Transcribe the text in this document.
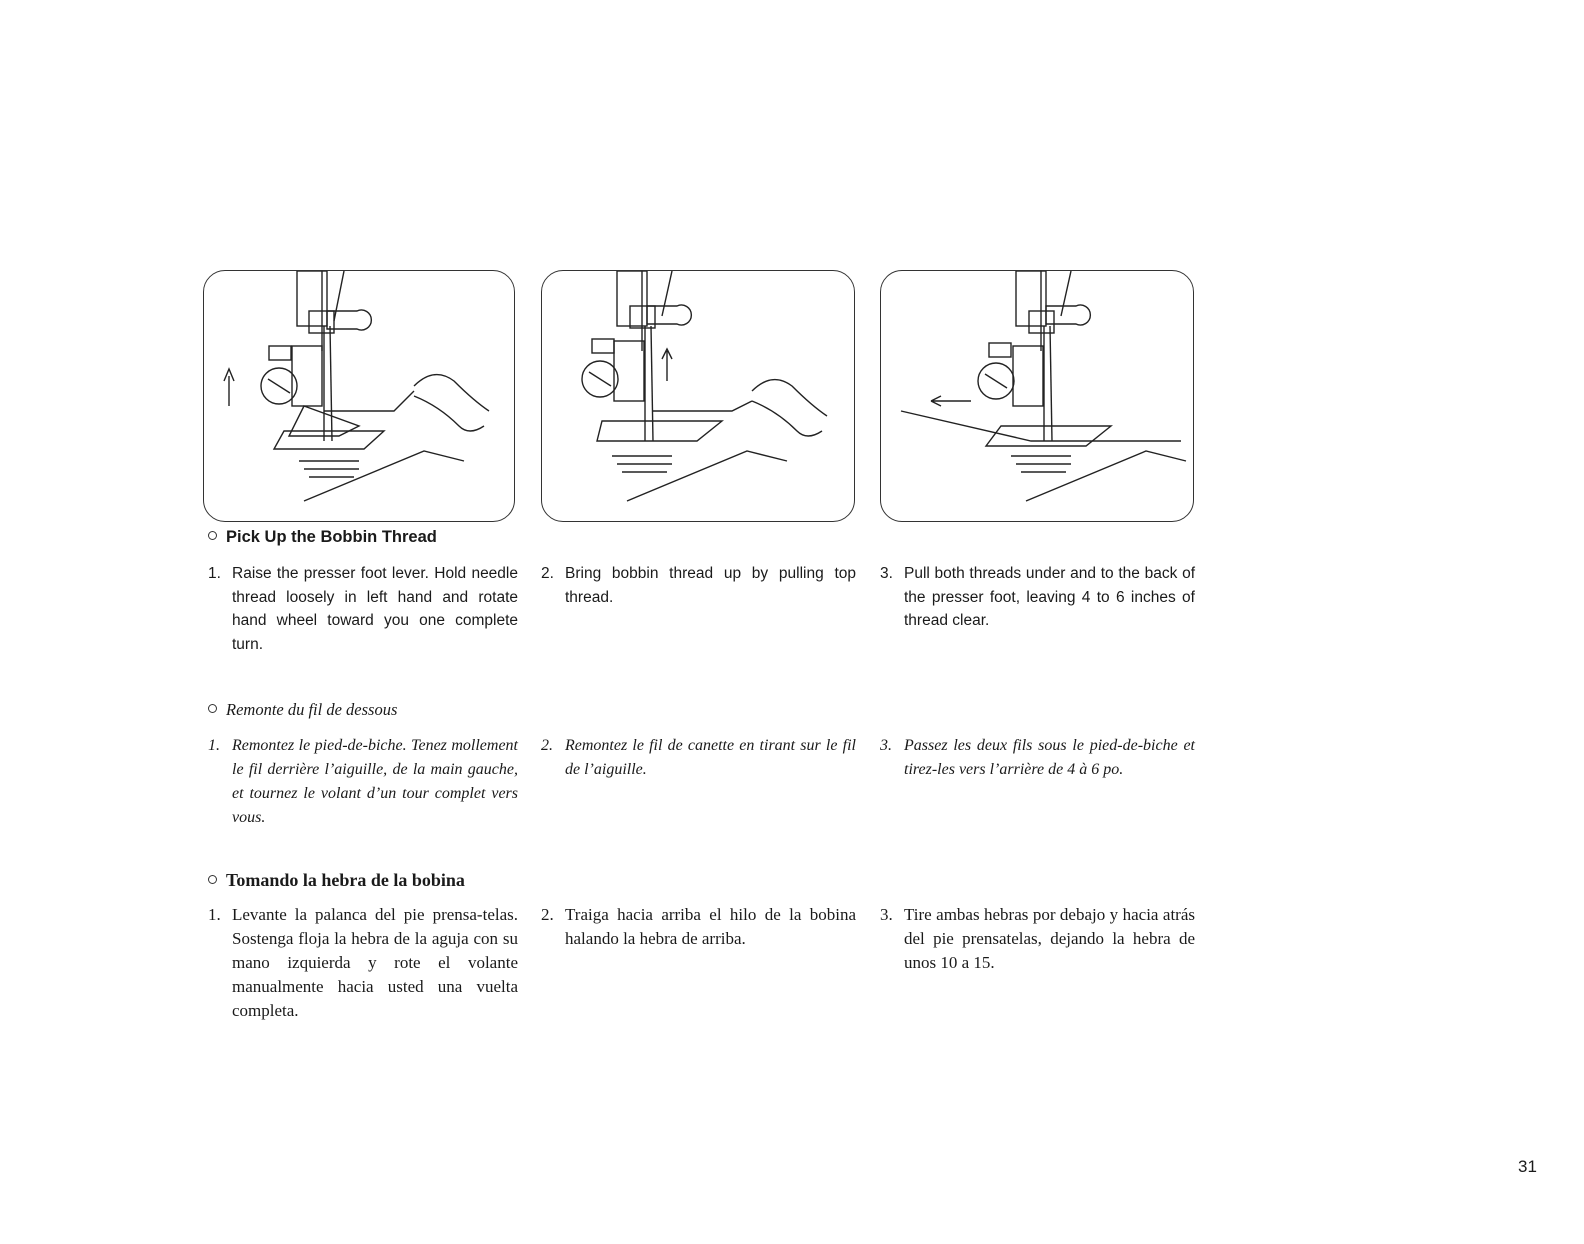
Pick Up the Bobbin Thread
1. Raise the presser foot lever. Hold needle thread loosely in left hand and rotate hand wheel toward you one complete turn.
2. Bring bobbin thread up by pulling top thread.
3. Pull both threads under and to the back of the presser foot, leaving 4 to 6 inches of thread clear.
Remonte du fil de dessous
1. Remontez le pied-de-biche. Tenez mollement le fil derrière l’aiguille, de la main gauche, et tournez le volant d’un tour complet vers vous.
2. Remontez le fil de canette en tirant sur le fil de l’aiguille.
3. Passez les deux fils sous le pied-de-biche et tirez-les vers l’arrière de 4 à 6 po.
Tomando la hebra de la bobina
1. Levante la palanca del pie prensa-telas. Sostenga floja la hebra de la aguja con su mano izquierda y rote el volante manualmente hacia usted una vuelta completa.
2. Traiga hacia arriba el hilo de la bobina halando la hebra de arriba.
3. Tire ambas hebras por debajo y hacia atrás del pie prensatelas, dejando la hebra de unos 10 a 15.
31
